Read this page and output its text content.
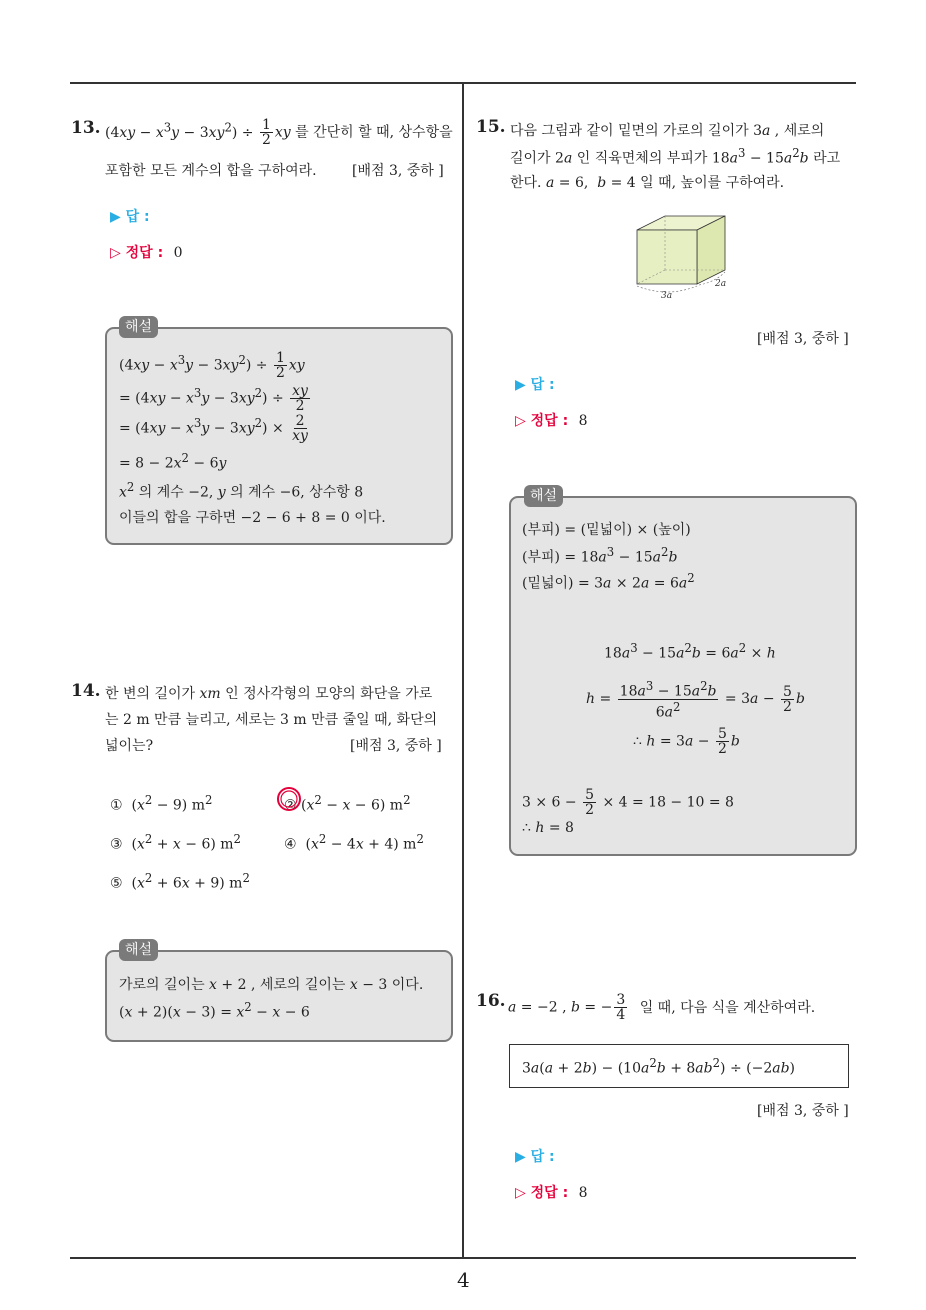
13. $(4xy - x^3y - 3xy^2) \div \frac{1}{2}$ xy 를 간단히 할 때, 상수항을
포함한 모든 계수의 합을 구하여라.	[배점 3, 중하 ]
▶ 답 :
▷ 정답 : 0
해설
$(4xy - x^3y - 3xy^2) \div \frac{1}{2}$ xy
= $(4xy - x^3y - 3xy^2) \div \frac{xy}{2}$
= $(4xy - x^3y - 3xy^2) \times \frac{2}{xy}$
= $8 - 2x^2 - 6y$
$x^2$ 의 계수 −2, y 의 계수 −6, 상수항 8
이들의 합을 구하면 −2 − 6 + 8 = 0 이다.
14. 한 변의 길이가 xm 인 정사각형의 모양의 화단을 가로
는 2 m 만큼 늘리고, 세로는 3 m 만큼 줄일 때, 화단의
넓이는?	[배점 3, 중하 ]
①  $(x^2 - 9)$ $m^2$	② $(x^2 - x - 6)$ $m^2$
③  $(x^2 + x - 6)$ $m^2$	④  $(x^2 - 4x + 4)$ $m^2$
⑤  $(x^2 + 6x + 9)$ $m^2$
해설
가로의 길이는 x + 2 , 세로의 길이는 x − 3 이다.
$(x + 2)(x - 3) = x^2 - x - 6$
15. 다음 그림과 같이 밑면의 가로의 길이가 3a , 세로의
길이가 2a 인 직육면체의 부피가 $18a^3 - 15a^2b$ 라고
한다. a = 6,  b = 4 일 때, 높이를 구하여라.
3a
2a
[배점 3, 중하 ]
▶ 답 :
▷ 정답 : 8
해설
(부피) = (밑넓이) × (높이)
(부피) = $18a^3 - 15a^2b$
(밑넓이) = $3a \times 2a = 6a^2$
$18a^3 - 15a^2b = 6a^2 \times h$
$h = \frac{18a^3 - 15a^2b}{6a^2} = 3a - \frac{5}{2}$ b
∴ $h = 3a - \frac{5}{2}$ b
$3 \times 6 - \frac{5}{2} \times 4 = 18 - 10 = 8$
∴ h = 8
16. a = −2 , b = − $\frac{3}{4}$ 일 때, 다음 식을 계산하여라.
$3a(a + 2b) - (10a^2b + 8ab^2) \div (-2ab)$
[배점 3, 중하 ]
▶ 답 :
▷ 정답 : 8
4
